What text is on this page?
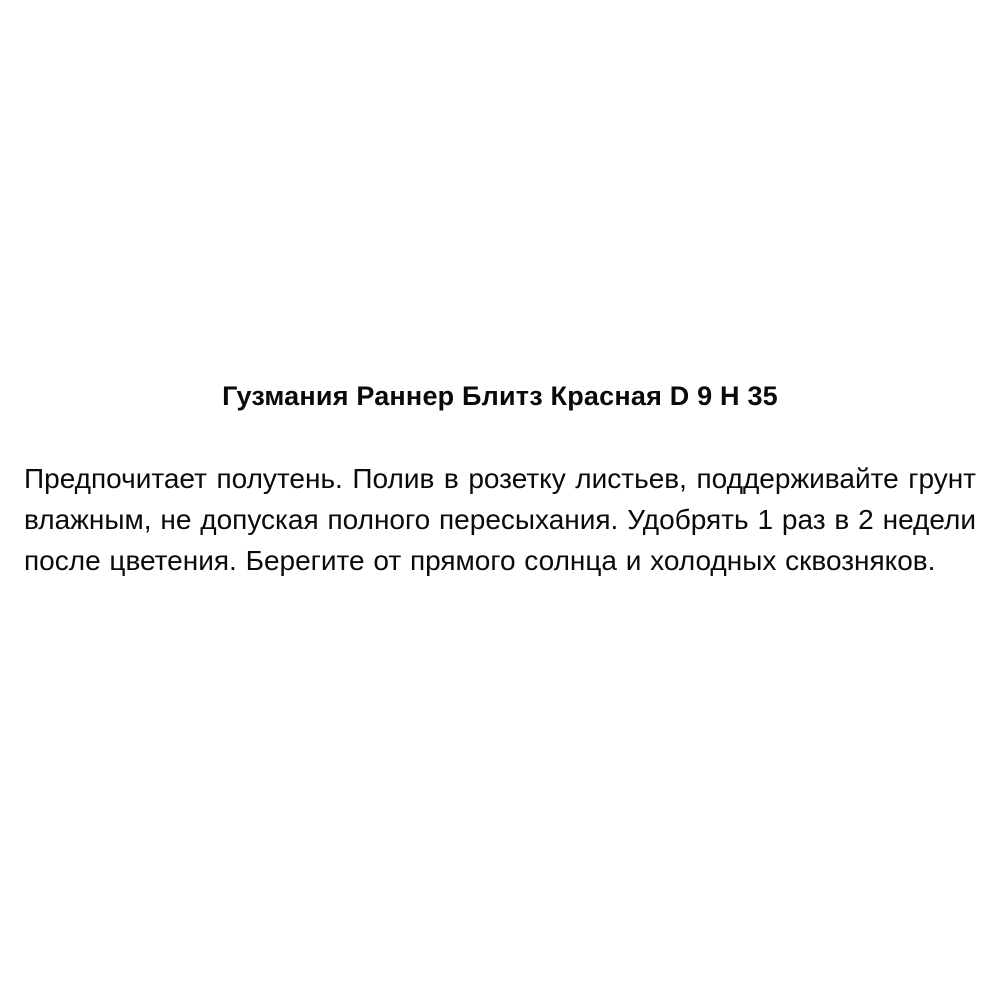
Гузмания Раннер Блитз Красная D 9 H 35

Предпочитает полутень. Полив в розетку листьев, поддерживайте грунт влажным, не допуская полного пересыхания. Удобрять 1 раз в 2 недели после цветения. Берегите от прямого солнца и холодных сквозняков.
